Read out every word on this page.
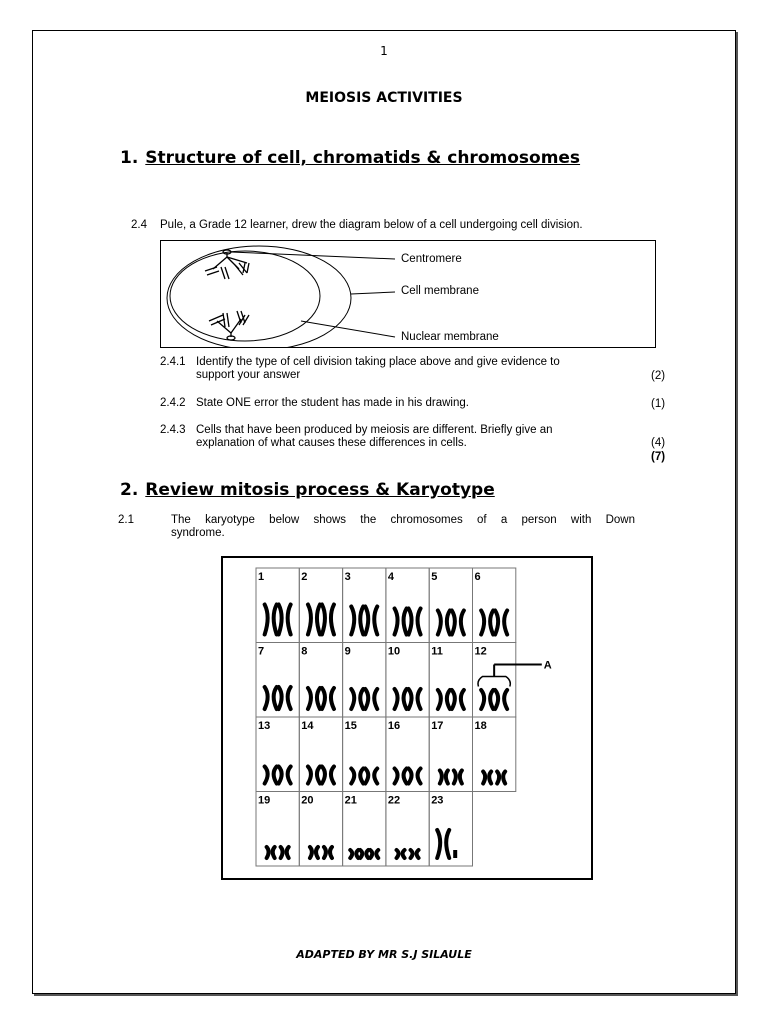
1
MEIOSIS ACTIVITIES
1. Structure of cell, chromatids & chromosomes
2.4 Pule, a Grade 12 learner, drew the diagram below of a cell undergoing cell division.
Centromere
Cell membrane
Nuclear membrane
2.4.1 Identify the type of cell division taking place above and give evidence to
support your answer	(2)
2.4.2 State ONE error the student has made in his drawing.	(1)
2.4.3 Cells that have been produced by meiosis are different. Briefly give an
explanation of what causes these differences in cells.	(4)
(7)
2. Review mitosis process & Karyotype
2.1	The karyotype below shows the chromosomes of a person with Down
syndrome.
1	2	3	4	5	6
7	8	9	10	11	12
13	14	15	16	17	18
19	20	21	22	23
A
ADAPTED BY MR S.J SILAULE
